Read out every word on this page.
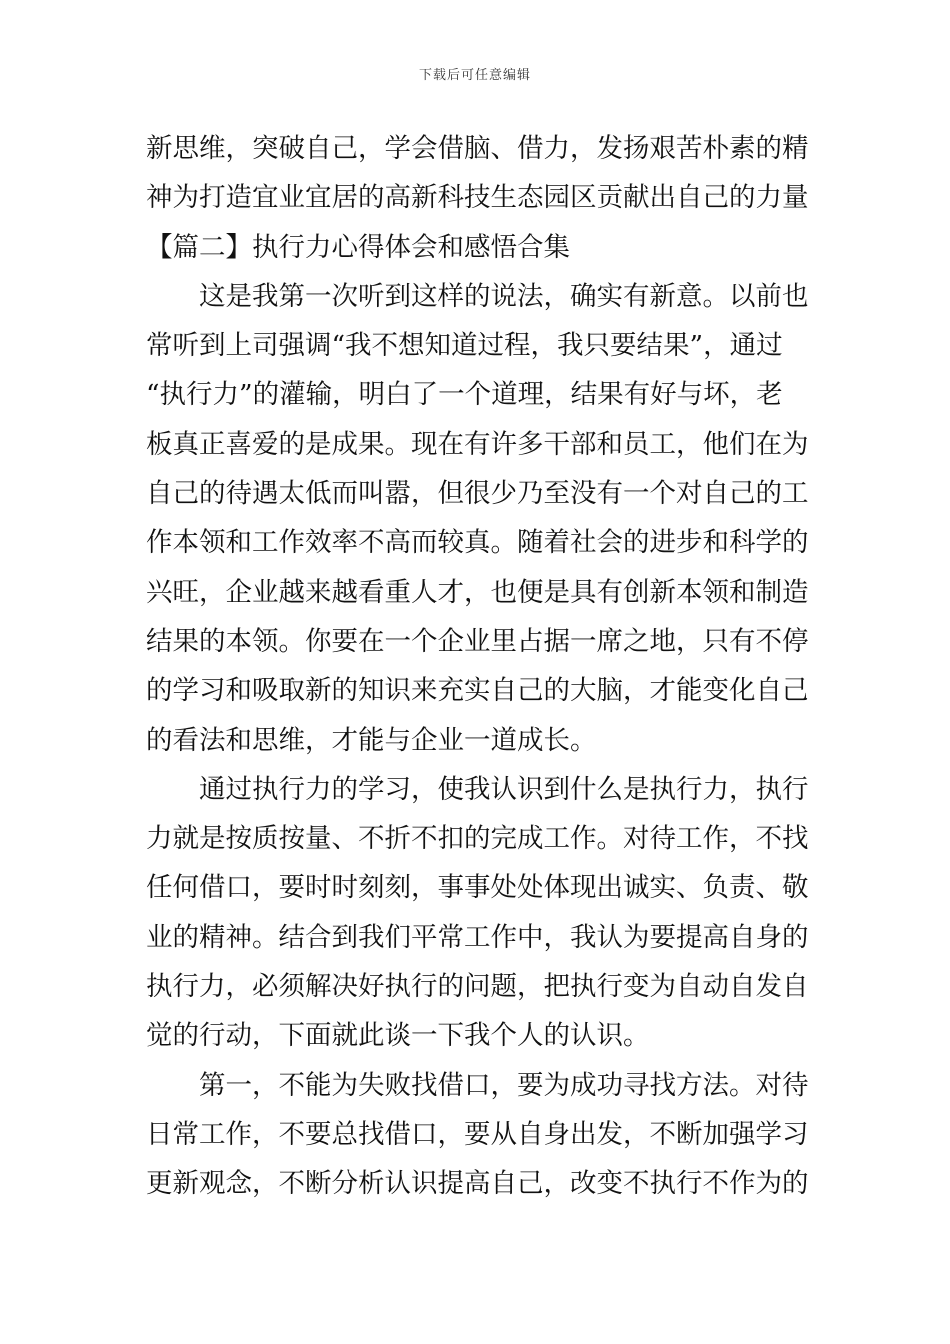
下载后可任意编辑
新思维，突破自己，学会借脑、借力，发扬艰苦朴素的精
神为打造宜业宜居的高新科技生态园区贡献出自己的力量
【篇二】执行力心得体会和感悟合集
这是我第一次听到这样的说法，确实有新意。以前也
常听到上司强调“我不想知道过程，我只要结果”，通过
“执行力”的灌输，明白了一个道理，结果有好与坏，老
板真正喜爱的是成果。现在有许多干部和员工，他们在为
自己的待遇太低而叫嚣，但很少乃至没有一个对自己的工
作本领和工作效率不高而较真。随着社会的进步和科学的
兴旺，企业越来越看重人才，也便是具有创新本领和制造
结果的本领。你要在一个企业里占据一席之地，只有不停
的学习和吸取新的知识来充实自己的大脑，才能变化自己
的看法和思维，才能与企业一道成长。
通过执行力的学习，使我认识到什么是执行力，执行
力就是按质按量、不折不扣的完成工作。对待工作，不找
任何借口，要时时刻刻，事事处处体现出诚实、负责、敬
业的精神。结合到我们平常工作中，我认为要提高自身的
执行力，必须解决好执行的问题，把执行变为自动自发自
觉的行动，下面就此谈一下我个人的认识。
第一，不能为失败找借口，要为成功寻找方法。对待
日常工作，不要总找借口，要从自身出发，不断加强学习
更新观念，不断分析认识提高自己，改变不执行不作为的
